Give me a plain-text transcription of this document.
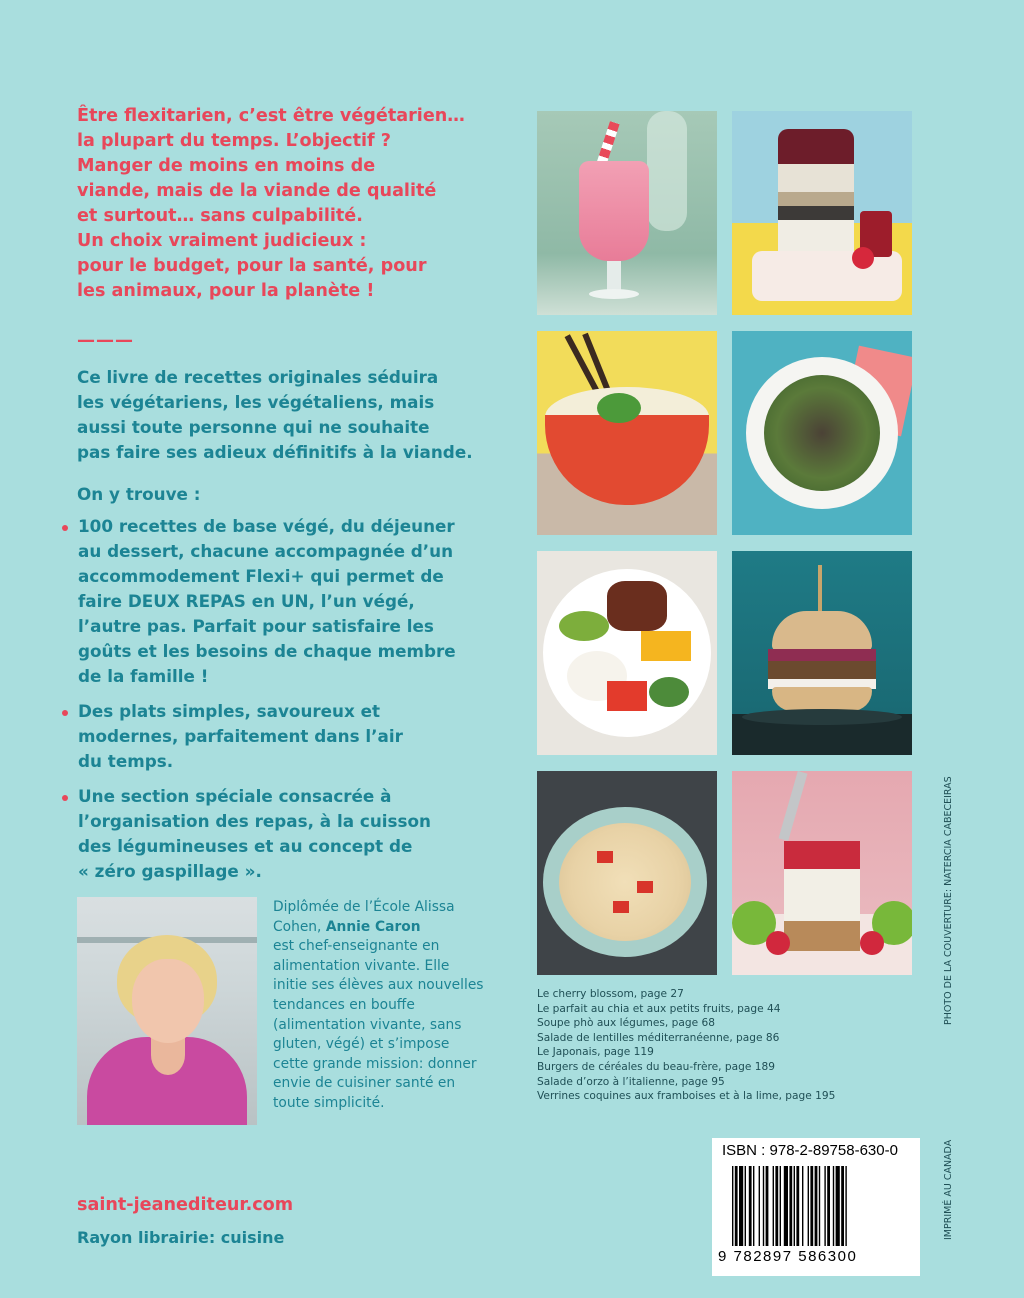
Être flexitarien, c’est être végétarien…
la plupart du temps. L’objectif ?
Manger de moins en moins de
viande, mais de la viande de qualité
et surtout… sans culpabilité.
Un choix vraiment judicieux :
pour le budget, pour la santé, pour
les animaux, pour la planète !
———
Ce livre de recettes originales séduira
les végétariens, les végétaliens, mais
aussi toute personne qui ne souhaite
pas faire ses adieux définitifs à la viande.

On y trouve :

100 recettes de base végé, du déjeuner
au dessert, chacune accompagnée d’un
accommodement Flexi+ qui permet de
faire DEUX REPAS en UN, l’un végé,
l’autre pas. Parfait pour satisfaire les
goûts et les besoins de chaque membre
de la famille !
Des plats simples, savoureux et
modernes, parfaitement dans l’air
du temps.
Une section spéciale consacrée à
l’organisation des repas, à la cuisson
des légumineuses et au concept de
« zéro gaspillage ».
Diplômée de l’École Alissa
Cohen, Annie Caron
est chef-enseignante en
alimentation vivante. Elle
initie ses élèves aux nouvelles
tendances en bouffe
(alimentation vivante, sans
gluten, végé) et s’impose
cette grande mission: donner
envie de cuisiner santé en
toute simplicité.

saint-jeanediteur.com

Rayon librairie: cuisine

Le cherry blossom, page 27
Le parfait au chia et aux petits fruits, page 44
Soupe phò aux légumes, page 68
Salade de lentilles méditerranéenne, page 86
Le Japonais, page 119
Burgers de céréales du beau-frère, page 189
Salade d’orzo à l’italienne, page 95
Verrines coquines aux framboises et à la lime, page 195
PHOTO DE LA COUVERTURE: NATERCIA CABECEIRAS
IMPRIMÉ AU CANADA
ISBN : 978-2-89758-630-0
9 782897 586300
